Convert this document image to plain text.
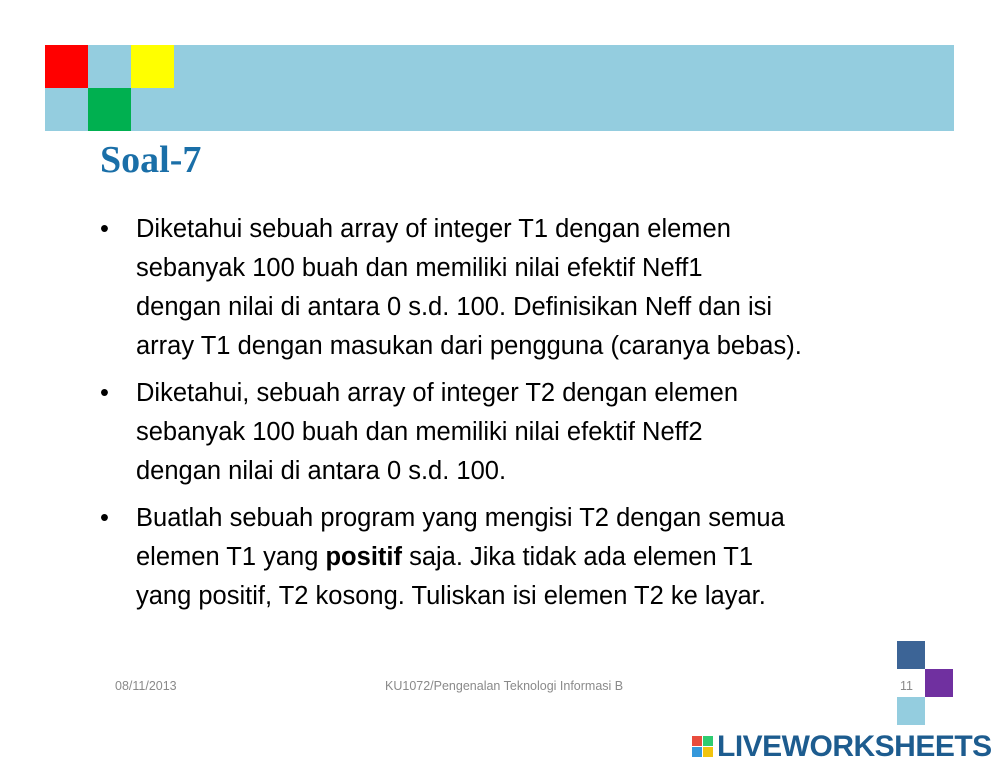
Soal-7
•	Diketahui sebuah array of integer T1 dengan elemen
sebanyak 100 buah dan memiliki nilai efektif Neff1
dengan nilai di antara 0 s.d. 100. Definisikan Neff dan isi
array T1 dengan masukan dari pengguna (caranya bebas).
•	Diketahui, sebuah array of integer T2 dengan elemen
sebanyak 100 buah dan memiliki nilai efektif Neff2
dengan nilai di antara 0 s.d. 100.
•	Buatlah sebuah program yang mengisi T2 dengan semua
elemen T1 yang positif saja. Jika tidak ada elemen T1
yang positif, T2 kosong. Tuliskan isi elemen T2 ke layar.
08/11/2013	KU1072/Pengenalan Teknologi Informasi B	11
LIVEWORKSHEETS
